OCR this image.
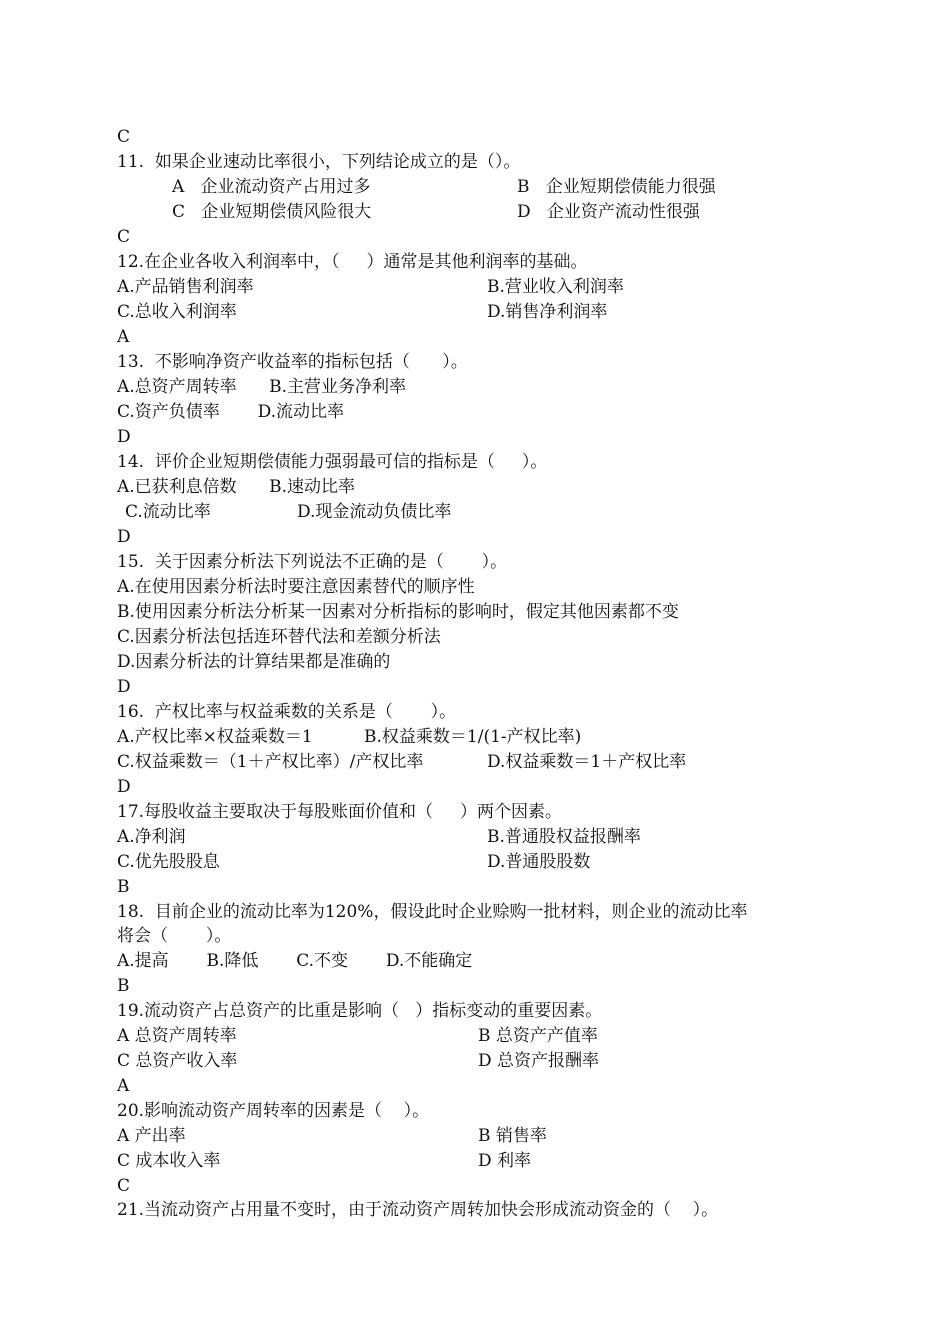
C
11.  如果企业速动比率很小，下列结论成立的是（）。
A   企业流动资产占用过多	B   企业短期偿债能力很强
C   企业短期偿债风险很大	D   企业资产流动性很强
C
12.在企业各收入利润率中，（     ）通常是其他利润率的基础。
A.产品销售利润率	B.营业收入利润率
C.总收入利润率	D.销售净利润率
A
13.  不影响净资产收益率的指标包括（      ）。
A.总资产周转率      B.主营业务净利率
C.资产负债率       D.流动比率
D
14.  评价企业短期偿债能力强弱最可信的指标是（     ）。
A.已获利息倍数      B.速动比率
C.流动比率	D.现金流动负债比率
D
15.  关于因素分析法下列说法不正确的是（       ）。
A.在使用因素分析法时要注意因素替代的顺序性
B.使用因素分析法分析某一因素对分析指标的影响时，假定其他因素都不变
C.因素分析法包括连环替代法和差额分析法
D.因素分析法的计算结果都是准确的
D
16.  产权比率与权益乘数的关系是（       ）。
A.产权比率×权益乘数＝1	B.权益乘数＝1/(1-产权比率)
C.权益乘数＝（1＋产权比率）/产权比率	D.权益乘数＝1＋产权比率
D
17.每股收益主要取决于每股账面价值和（     ）两个因素。
A.净利润	B.普通股权益报酬率
C.优先股股息	D.普通股股数
B
18.  目前企业的流动比率为120%，假设此时企业赊购一批材料，则企业的流动比率
将会（       ）。
A.提高       B.降低       C.不变       D.不能确定
B
19.流动资产占总资产的比重是影响（   ）指标变动的重要因素。
A 总资产周转率	B 总资产产值率
C 总资产收入率	D 总资产报酬率
A
20.影响流动资产周转率的因素是（    ）。
A 产出率	B 销售率
C 成本收入率	D 利率
C
21.当流动资产占用量不变时，由于流动资产周转加快会形成流动资金的（    ）。
